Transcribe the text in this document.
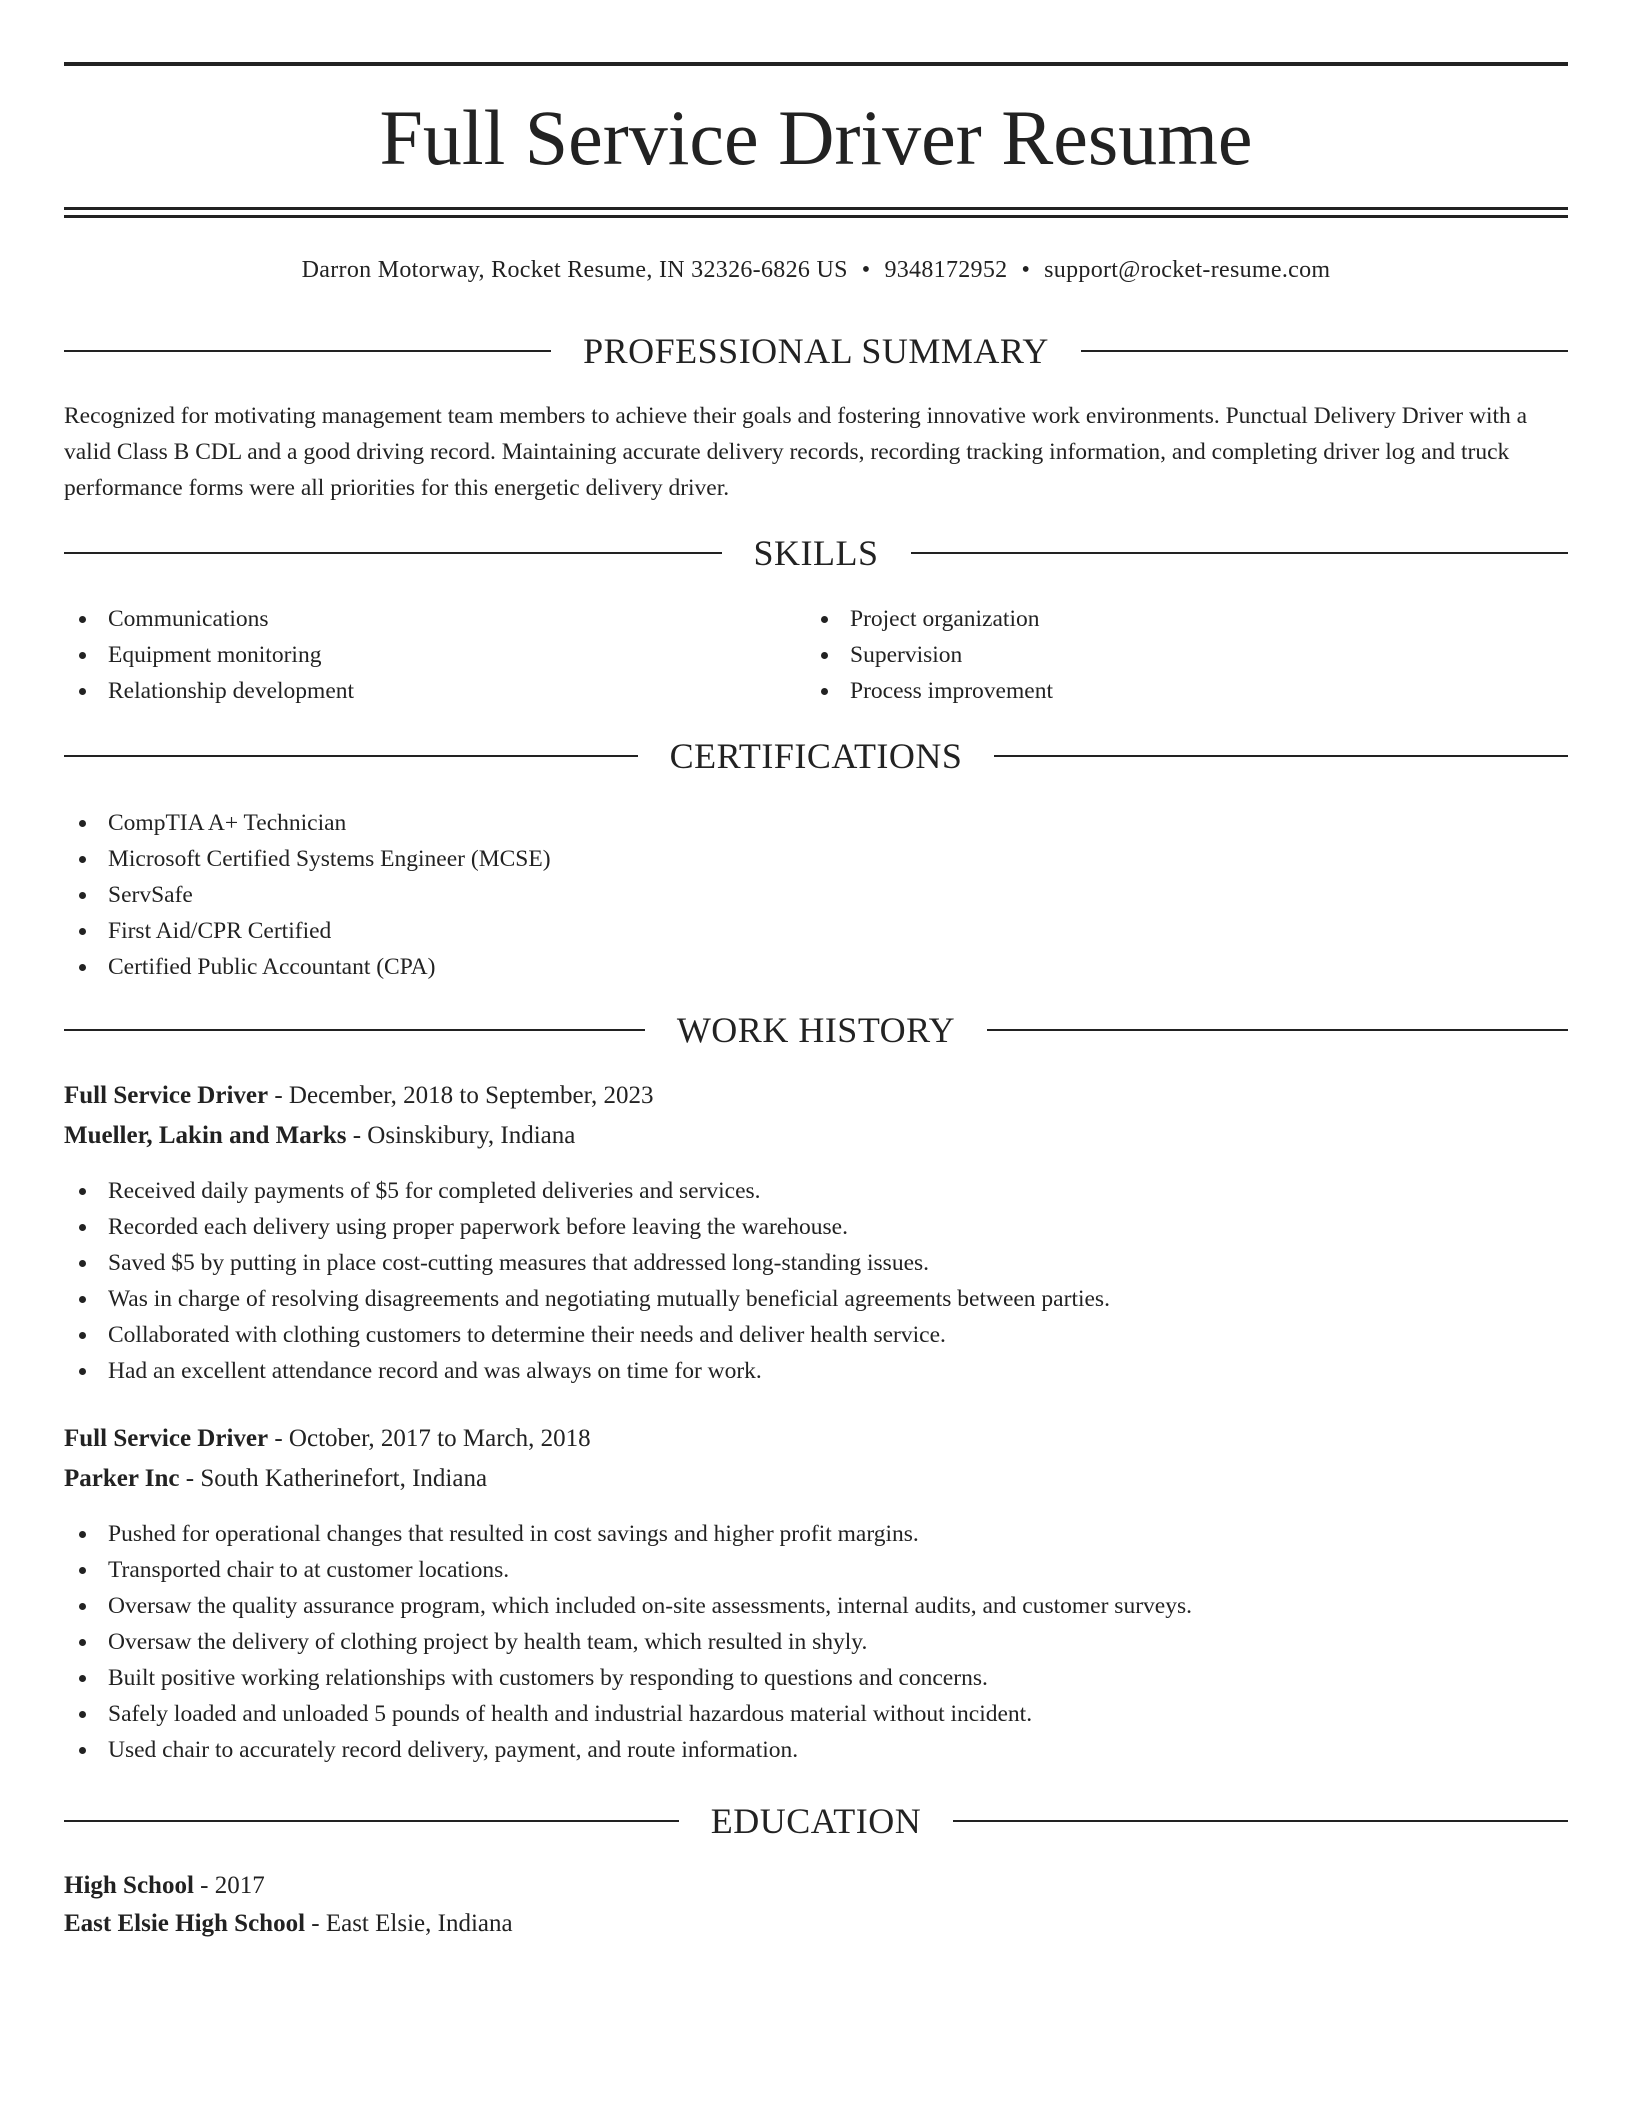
Full Service Driver Resume
Darron Motorway, Rocket Resume, IN 32326-6826 US • 9348172952 • support@rocket-resume.com
PROFESSIONAL SUMMARY

Recognized for motivating management team members to achieve their goals and fostering innovative work environments. Punctual Delivery Driver with a valid Class B CDL and a good driving record. Maintaining accurate delivery records, recording tracking information, and completing driver log and truck performance forms were all priorities for this energetic delivery driver.

SKILLS
Communications
Equipment monitoring
Relationship development
Project organization
Supervision
Process improvement
CERTIFICATIONS
CompTIA A+ Technician
Microsoft Certified Systems Engineer (MCSE)
ServSafe
First Aid/CPR Certified
Certified Public Accountant (CPA)
WORK HISTORY
Full Service Driver - December, 2018 to September, 2023
Mueller, Lakin and Marks - Osinskibury, Indiana
Received daily payments of $5 for completed deliveries and services.
Recorded each delivery using proper paperwork before leaving the warehouse.
Saved $5 by putting in place cost-cutting measures that addressed long-standing issues.
Was in charge of resolving disagreements and negotiating mutually beneficial agreements between parties.
Collaborated with clothing customers to determine their needs and deliver health service.
Had an excellent attendance record and was always on time for work.
Full Service Driver - October, 2017 to March, 2018
Parker Inc - South Katherinefort, Indiana
Pushed for operational changes that resulted in cost savings and higher profit margins.
Transported chair to at customer locations.
Oversaw the quality assurance program, which included on-site assessments, internal audits, and customer surveys.
Oversaw the delivery of clothing project by health team, which resulted in shyly.
Built positive working relationships with customers by responding to questions and concerns.
Safely loaded and unloaded 5 pounds of health and industrial hazardous material without incident.
Used chair to accurately record delivery, payment, and route information.
EDUCATION
High School - 2017
East Elsie High School - East Elsie, Indiana
